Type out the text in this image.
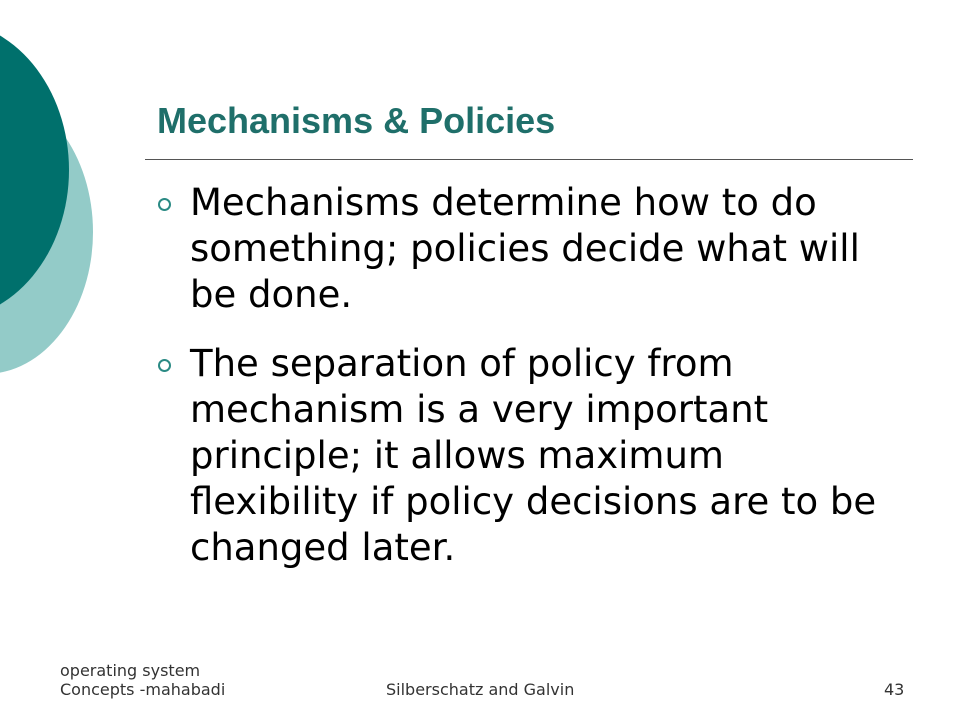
Mechanisms & Policies
Mechanisms determine how to do something; policies decide what will be done.
The separation of policy from mechanism is a very important principle; it allows maximum flexibility if policy decisions are to be changed later.
operating system
Concepts -mahabadi	Silberschatz and Galvin	43
